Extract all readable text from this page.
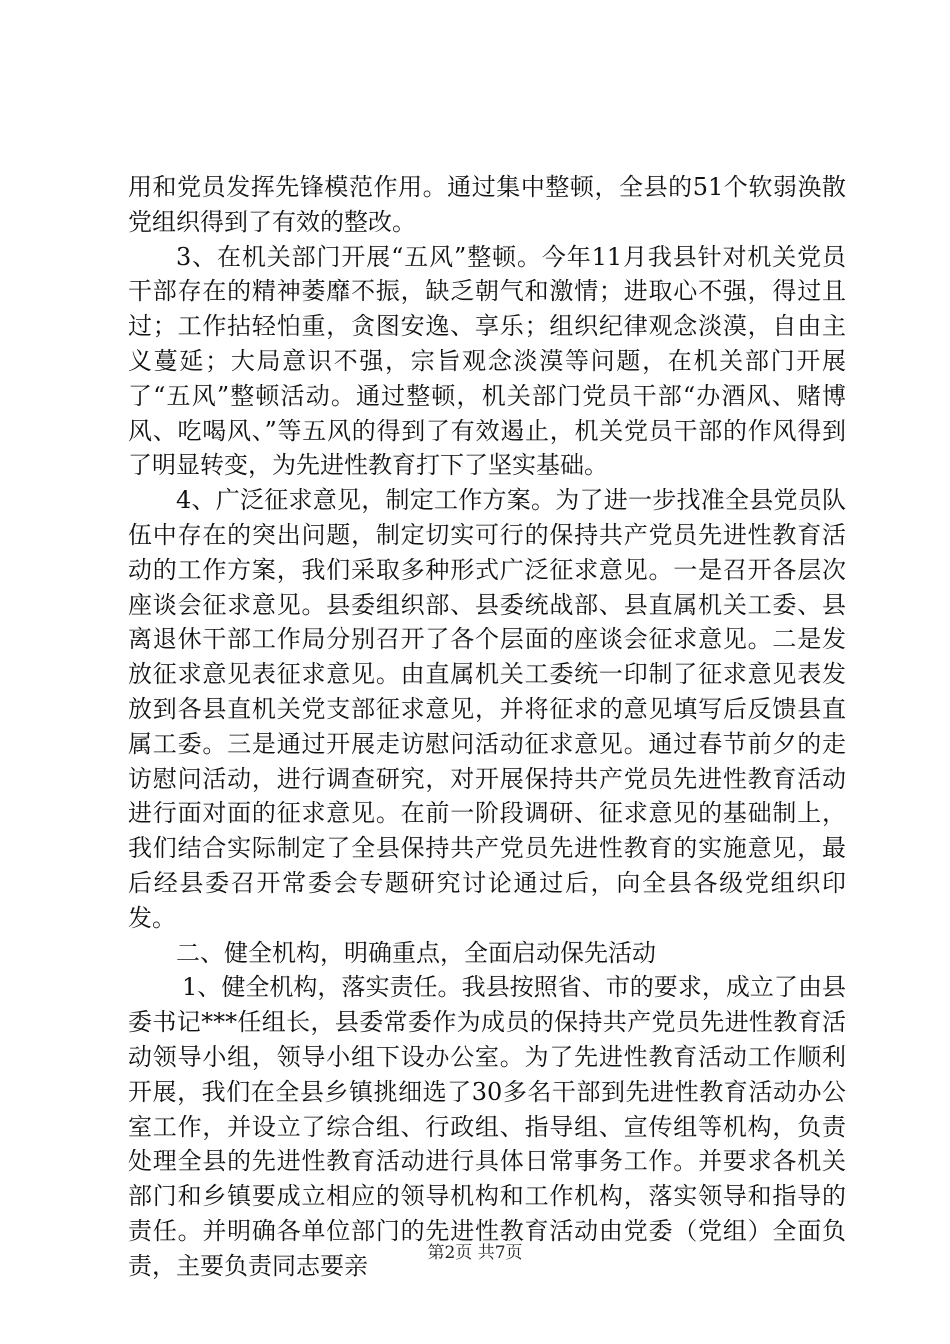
用和党员发挥先锋模范作用。通过集中整顿，全县的51个软弱涣散党组织得到了有效的整改。

3、在机关部门开展“五风”整顿。今年11月我县针对机关党员干部存在的精神萎靡不振，缺乏朝气和激情；进取心不强，得过且过；工作拈轻怕重，贪图安逸、享乐；组织纪律观念淡漠，自由主义蔓延；大局意识不强，宗旨观念淡漠等问题，在机关部门开展了“五风”整顿活动。通过整顿，机关部门党员干部“办酒风、赌博风、吃喝风、”等五风的得到了有效遏止，机关党员干部的作风得到了明显转变，为先进性教育打下了坚实基础。

4、广泛征求意见，制定工作方案。为了进一步找准全县党员队伍中存在的突出问题，制定切实可行的保持共产党员先进性教育活动的工作方案，我们采取多种形式广泛征求意见。一是召开各层次座谈会征求意见。县委组织部、县委统战部、县直属机关工委、县离退休干部工作局分别召开了各个层面的座谈会征求意见。二是发放征求意见表征求意见。由直属机关工委统一印制了征求意见表发放到各县直机关党支部征求意见，并将征求的意见填写后反馈县直属工委。三是通过开展走访慰问活动征求意见。通过春节前夕的走访慰问活动，进行调查研究，对开展保持共产党员先进性教育活动进行面对面的征求意见。在前一阶段调研、征求意见的基础制上，我们结合实际制定了全县保持共产党员先进性教育的实施意见，最后经县委召开常委会专题研究讨论通过后，向全县各级党组织印发。

二、健全机构，明确重点，全面启动保先活动

1、健全机构，落实责任。我县按照省、市的要求，成立了由县委书记***任组长，县委常委作为成员的保持共产党员先进性教育活动领导小组，领导小组下设办公室。为了先进性教育活动工作顺利开展，我们在全县乡镇挑细选了30多名干部到先进性教育活动办公室工作，并设立了综合组、行政组、指导组、宣传组等机构，负责处理全县的先进性教育活动进行具体日常事务工作。并要求各机关部门和乡镇要成立相应的领导机构和工作机构，落实领导和指导的责任。并明确各单位部门的先进性教育活动由党委（党组）全面负责，主要负责同志要亲	第2页 共7页
